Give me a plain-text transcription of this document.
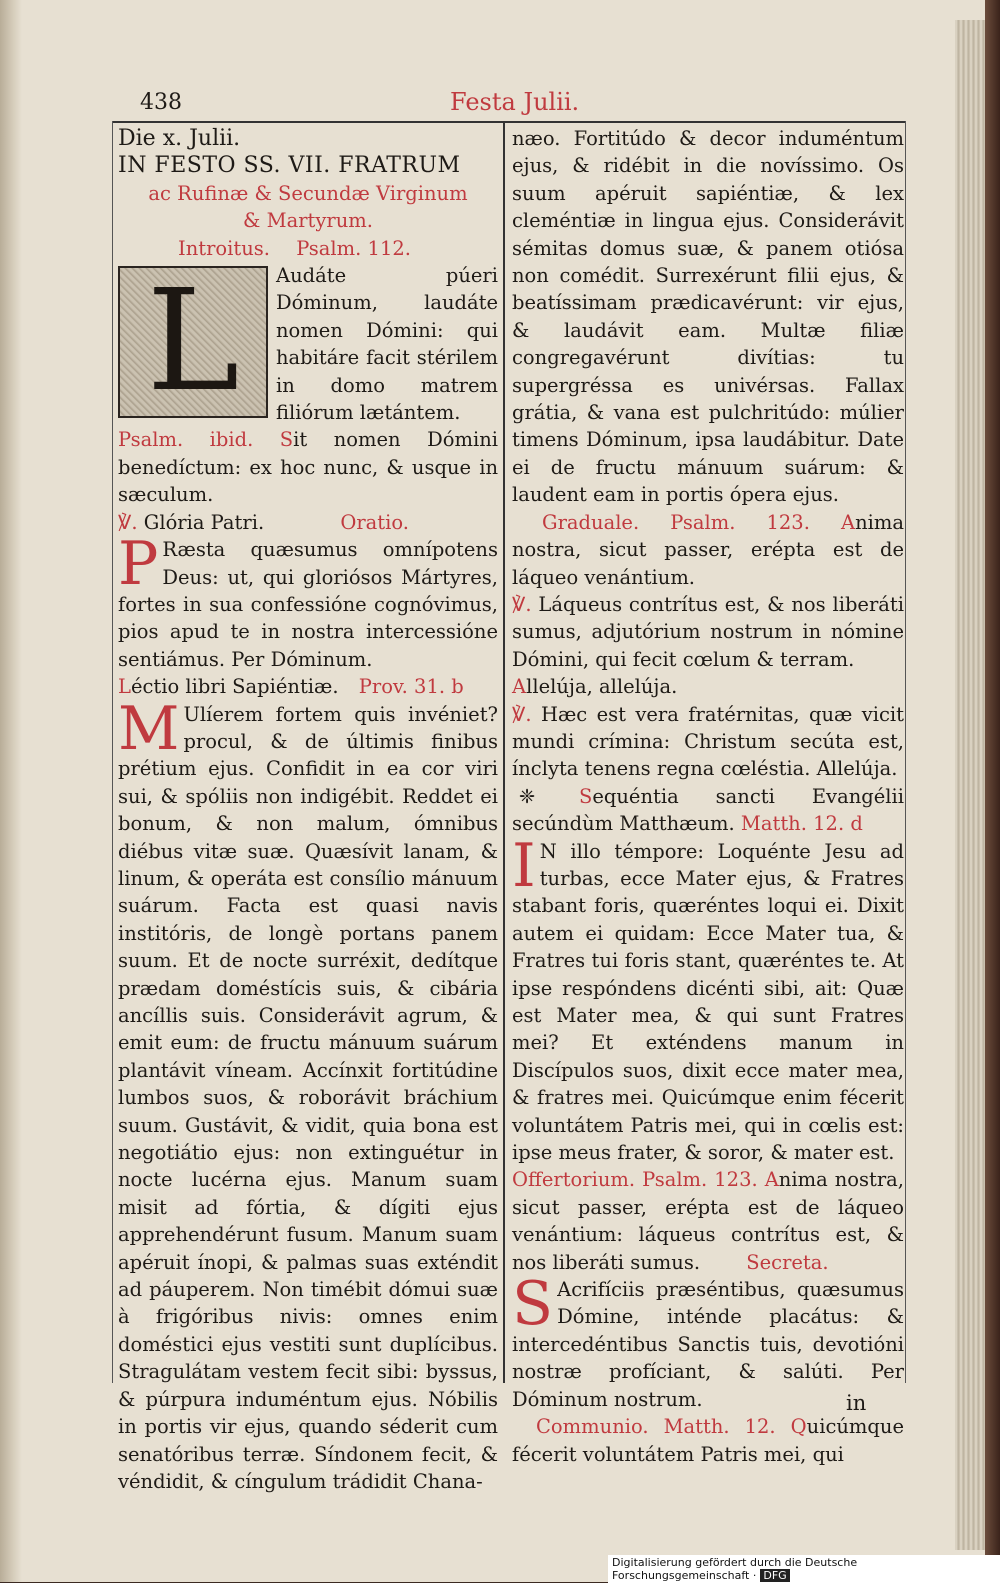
438	Festa Julii.

Die x. Julii.

IN FESTO SS. VII. FRATRUM

ac Rufinæ & Secundæ Virginum

& Martyrum.

Introitus. Psalm. 112.

L	Audáte púeri Dóminum, laudáte nomen Dómini: qui habitáre facit stérilem in domo matrem filiórum lætántem.

Psalm. ibid. Sit nomen Dómini benedíctum: ex hoc nunc, & usque in sæculum.

℣. Glória Patri.	Oratio.

P Ræsta quæsumus omnípotens Deus: ut, qui gloriósos Mártyres, fortes in sua confessióne cognóvimus, pios apud te in nostra intercessióne sentiámus. Per Dóminum.

Léctio libri Sapiéntiæ. Prov. 31. b

M Ulíerem fortem quis invéniet? procul, & de últimis finibus prétium ejus. Confidit in ea cor viri sui, & spóliis non indigébit. Reddet ei bonum, & non malum, ómnibus diébus vitæ suæ. Quæsívit lanam, & linum, & operáta est consílio mánuum suárum. Facta est quasi navis institóris, de longè portans panem suum. Et de nocte surréxit, dedítque prædam doméstícis suis, & cibária ancíllis suis. Considerávit agrum, & emit eum: de fructu mánuum suárum plantávit víneam. Accínxit fortitúdine lumbos suos, & roborávit bráchium suum. Gustávit, & vidit, quia bona est negotiátio ejus: non extinguétur in nocte lucérna ejus. Manum suam misit ad fórtia, & dígiti ejus apprehendérunt fusum. Manum suam apéruit ínopi, & palmas suas exténdit ad páuperem. Non timébit dómui suæ à frigóribus nivis: omnes enim doméstici ejus vestiti sunt duplícibus. Stragulátam vestem fecit sibi: byssus, & púrpura induméntum ejus. Nóbilis in portis vir ejus, quando séderit cum senatóribus terræ. Síndonem fecit, & véndidit, & cíngulum trádidit Chana-

næo. Fortitúdo & decor induméntum ejus, & ridébit in die novíssimo. Os suum apéruit sapiéntiæ, & lex cleméntiæ in lingua ejus. Considerávit sémitas domus suæ, & panem otiósa non comédit. Surrexérunt filii ejus, & beatíssimam prædicavérunt: vir ejus, & laudávit eam. Multæ filiæ congregavérunt divítias: tu supergréssa es univérsas. Fallax grátia, & vana est pulchritúdo: múlier timens Dóminum, ipsa laudábitur. Date ei de fructu mánuum suárum: & laudent eam in portis ópera ejus.

Graduale. Psalm. 123. Anima nostra, sicut passer, erépta est de láqueo venántium.

℣. Láqueus contrítus est, & nos liberáti sumus, adjutórium nostrum in nómine Dómini, qui fecit cœlum & terram.

Allelúja, allelúja.

℣. Hæc est vera fratérnitas, quæ vicit mundi crímina: Christum secúta est, ínclyta tenens regna cœléstia. Allelúja.

❈ Sequéntia sancti Evangélii secúndùm Matthæum. Matth. 12. d

I N illo témpore: Loquénte Jesu ad turbas, ecce Mater ejus, & Fratres stabant foris, quæréntes loqui ei. Dixit autem ei quidam: Ecce Mater tua, & Fratres tui foris stant, quæréntes te. At ipse respóndens dicénti sibi, ait: Quæ est Mater mea, & qui sunt Fratres mei? Et exténdens manum in Discípulos suos, dixit ecce mater mea, & fratres mei. Quicúmque enim fécerit voluntátem Patris mei, qui in cœlis est: ipse meus frater, & soror, & mater est.

Offertorium. Psalm. 123. Anima nostra, sicut passer, erépta est de láqueo venántium: láqueus contrítus est, & nos liberáti sumus. Secreta.

S Acrifíciis præséntibus, quæsumus Dómine, inténde placátus: & intercedéntibus Sanctis tuis, devotióni nostræ profíciant, & salúti. Per Dóminum nostrum.

Communio. Matth. 12. Quicúmque fécerit voluntátem Patris mei, qui

in
Digitalisierung gefördert durch die Deutsche Forschungsgemeinschaft · DFG
